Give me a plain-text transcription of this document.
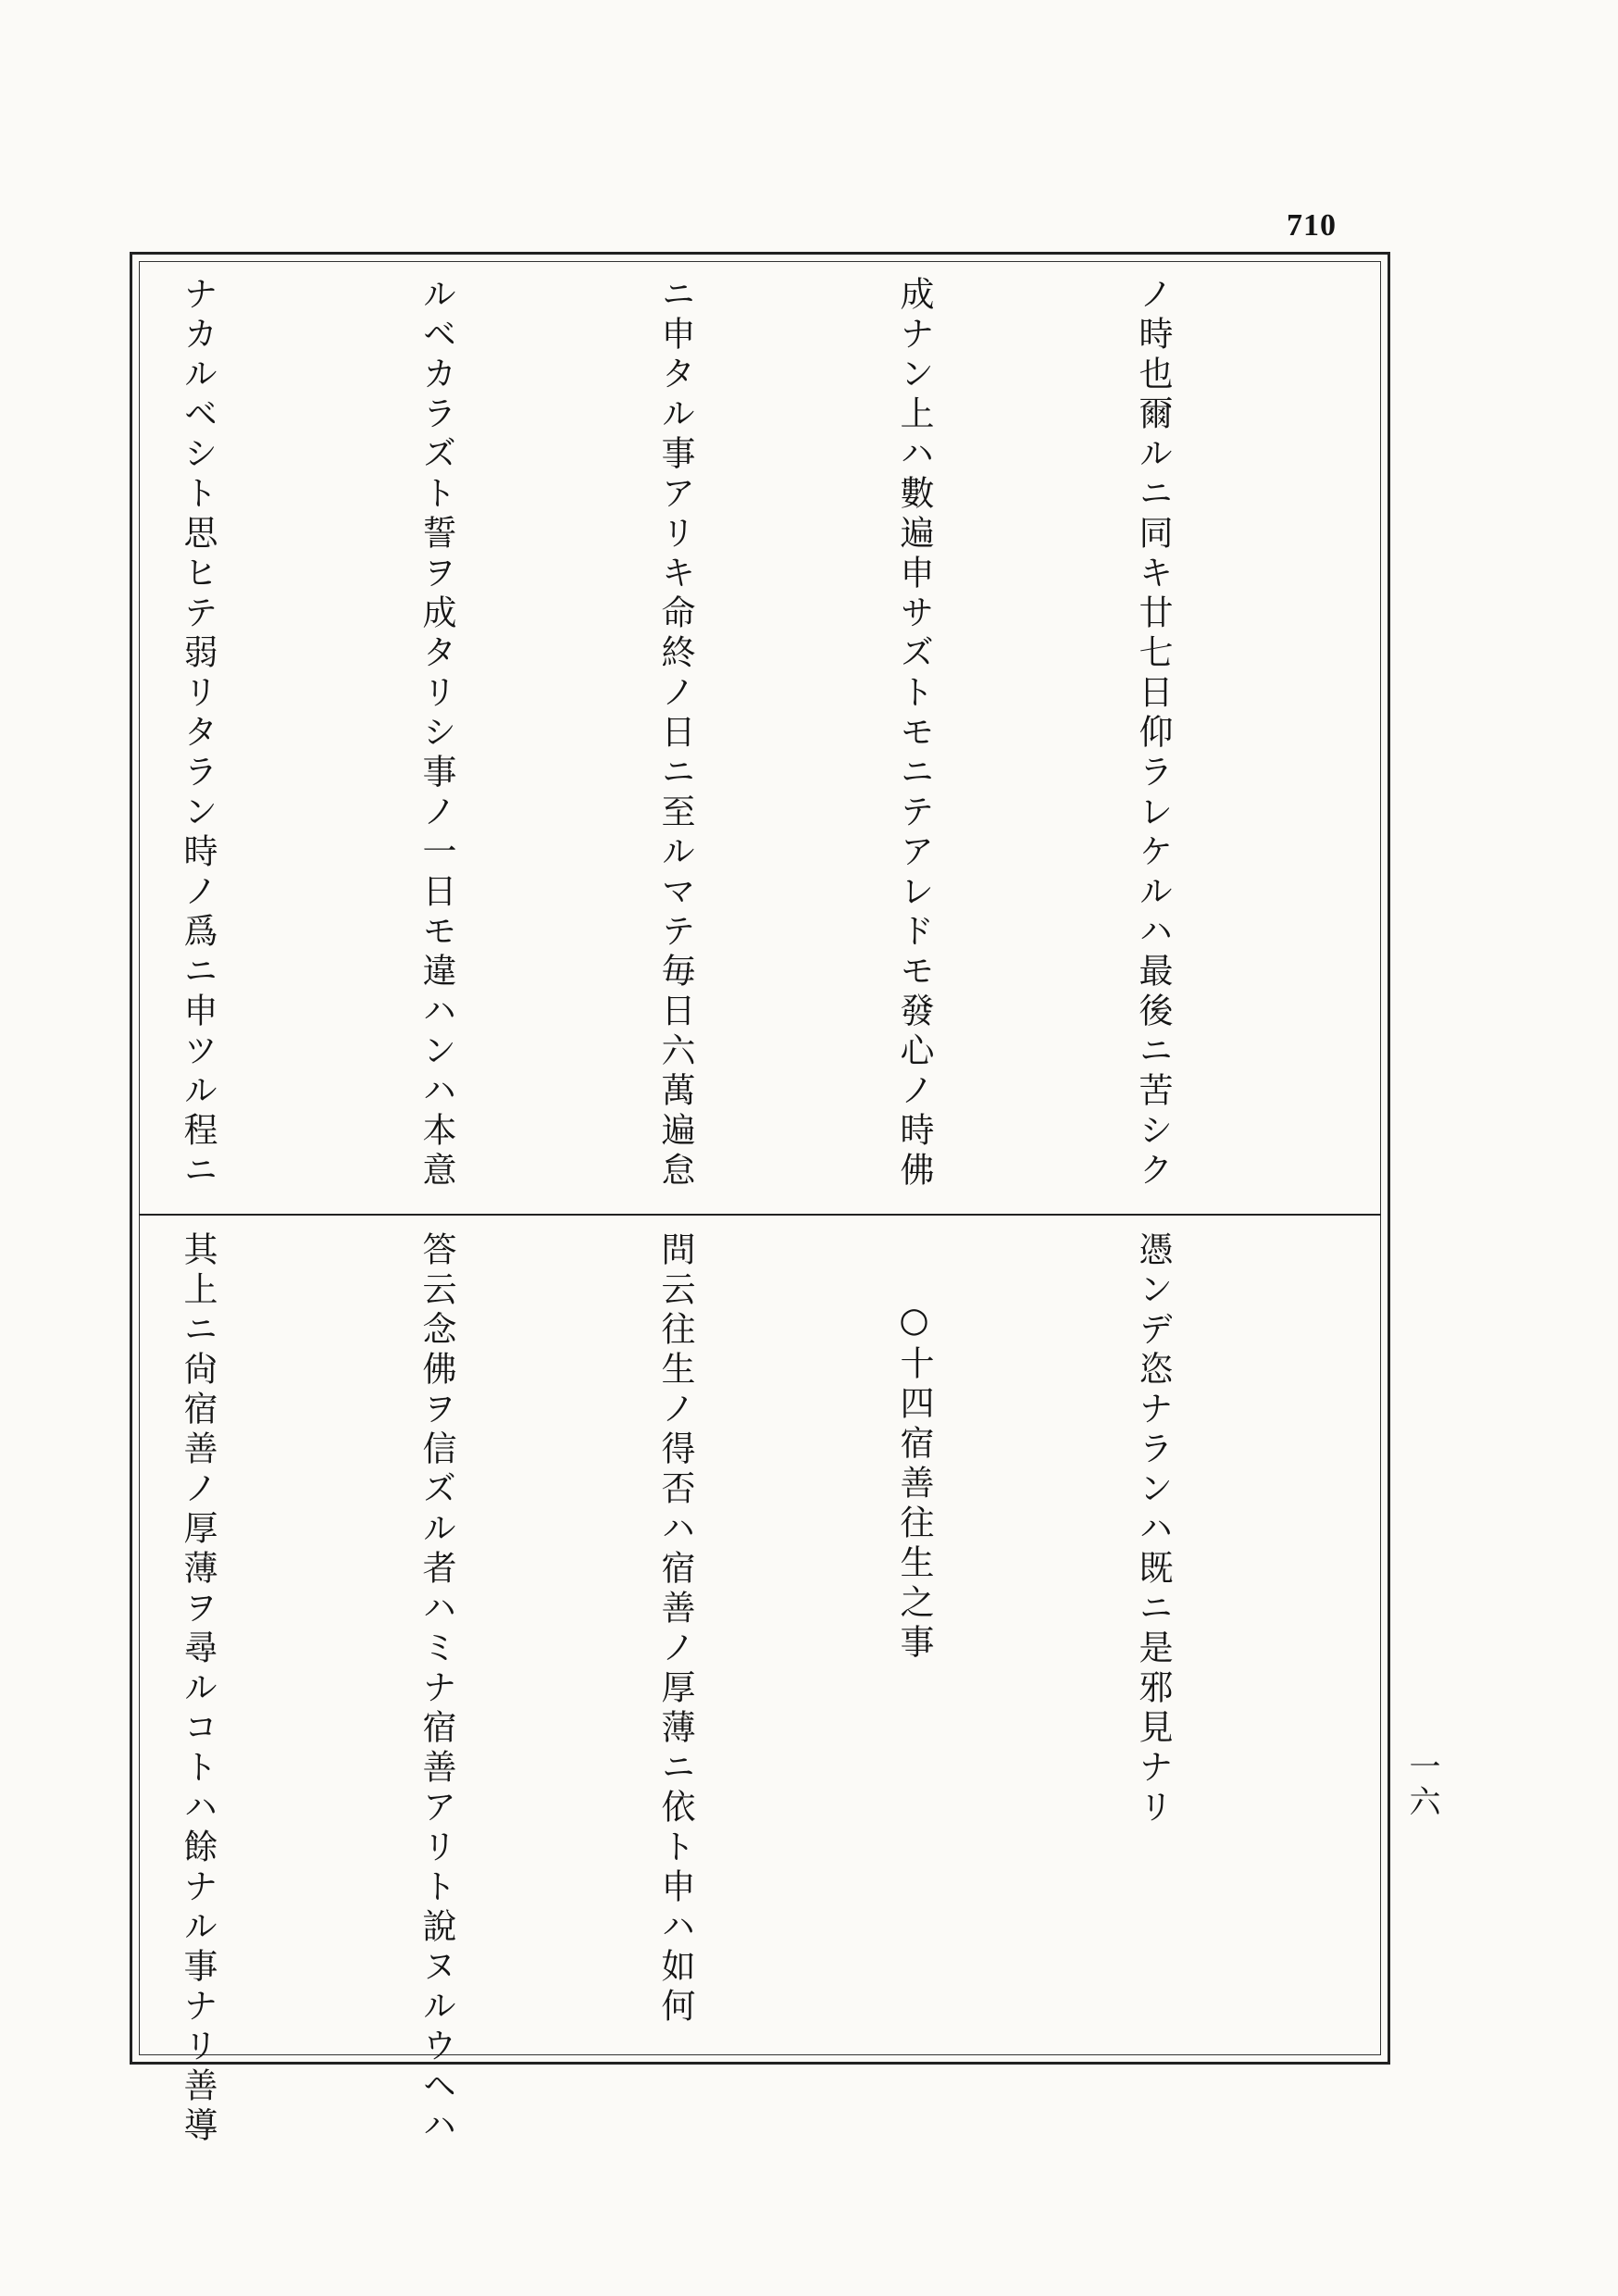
710
一六

ノ時也爾ルニ同キ廿七日仰ラレケルハ最後ニ苦シク

成ナン上ハ數遍申サズトモニテアレドモ發心ノ時佛

ニ申タル事アリキ命終ノ日ニ至ルマテ毎日六萬遍怠

ルベカラズト誓ヲ成タリシ事ノ一日モ違ハンハ本意

ナカルベシト思ヒテ弱リタラン時ノ爲ニ申ツル程ニ

憑ンデ恣ナランハ既ニ是邪見ナリ

○十四宿善往生之事

問云往生ノ得否ハ宿善ノ厚薄ニ依ト申ハ如何

答云念佛ヲ信ズル者ハミナ宿善アリト說ヌルウヘハ

其上ニ尙宿善ノ厚薄ヲ尋ルコトハ餘ナル事ナリ善導
